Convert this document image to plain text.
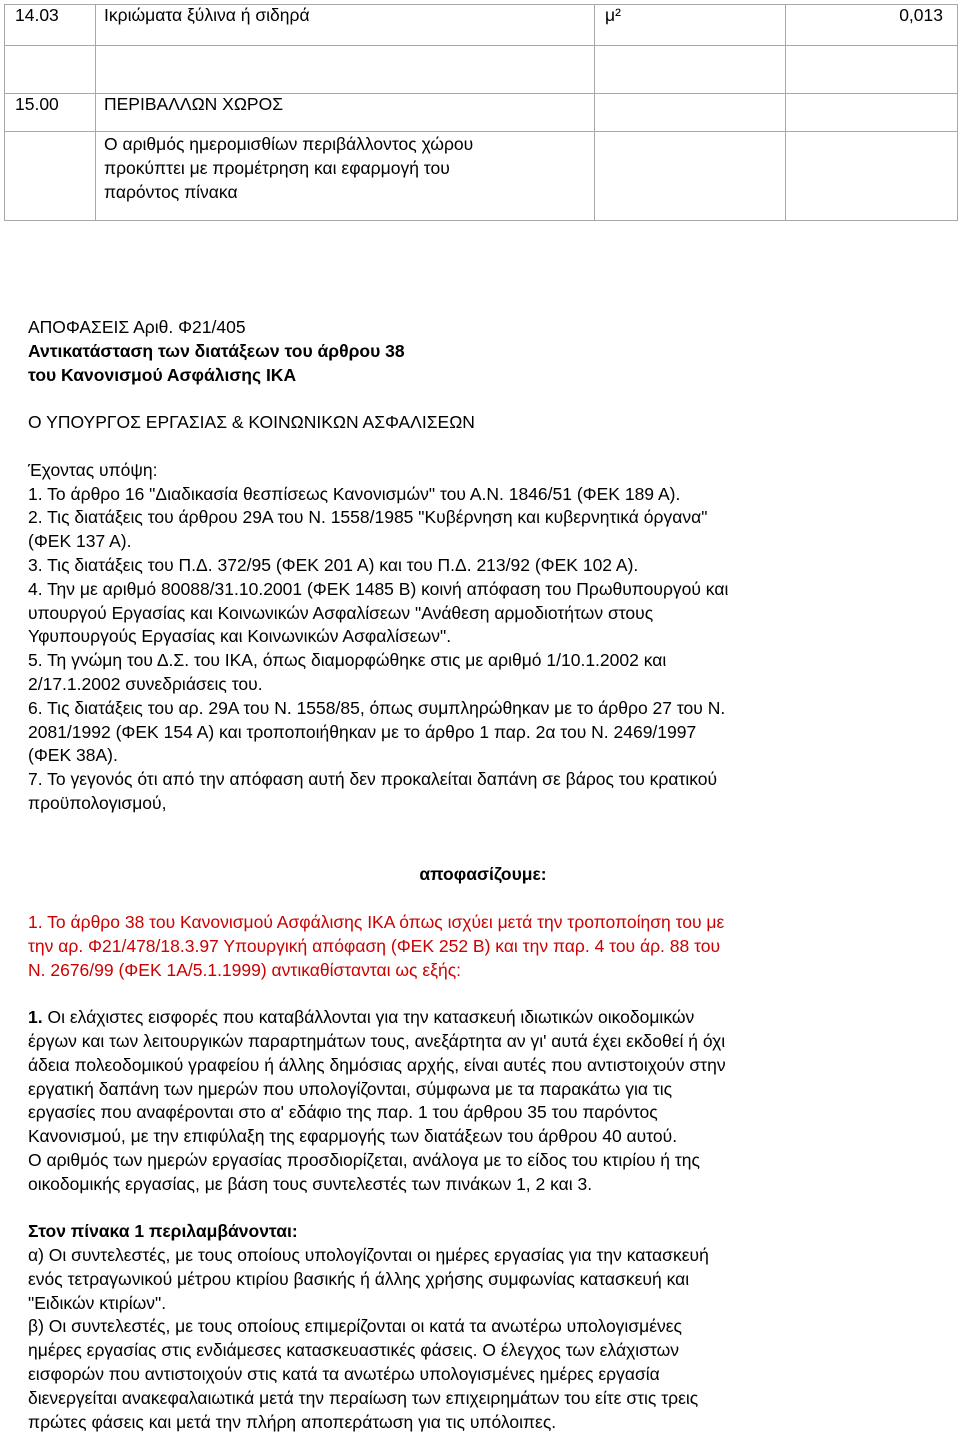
14.03	Ικριώματα ξύλινα ή σιδηρά	μ²	0,013

15.00	ΠΕΡΙΒΑΛΛΩΝ ΧΩΡΟΣ		

	Ο αριθμός ημερομισθίων περιβάλλοντος χώρου
προκύπτει με προμέτρηση και εφαρμογή του
παρόντος πίνακα		

ΑΠΟΦΑΣΕΙΣ Αριθ. Φ21/405

Αντικατάσταση των διατάξεων του άρθρου 38

του Κανονισμού Ασφάλισης ΙΚΑ

Ο ΥΠΟΥΡΓΟΣ ΕΡΓΑΣΙΑΣ & ΚΟΙΝΩΝΙΚΩΝ ΑΣΦΑΛΙΣΕΩΝ

Έχοντας υπόψη:

1. Το άρθρο 16 "Διαδικασία θεσπίσεως Κανονισμών" του Α.Ν. 1846/51 (ΦΕΚ 189 Α).

2. Τις διατάξεις του άρθρου 29Α του Ν. 1558/1985 "Κυβέρνηση και κυβερνητικά όργανα"

(ΦΕΚ 137 Α).

3. Τις διατάξεις του Π.Δ. 372/95 (ΦΕΚ 201 Α) και του Π.Δ. 213/92 (ΦΕΚ 102 Α).

4. Την με αριθμό 80088/31.10.2001 (ΦΕΚ 1485 Β) κοινή απόφαση του Πρωθυπουργού και

υπουργού Εργασίας και Κοινωνικών Ασφαλίσεων "Ανάθεση αρμοδιοτήτων στους

Υφυπουργούς Εργασίας και Κοινωνικών Ασφαλίσεων".

5. Τη γνώμη του Δ.Σ. του ΙΚΑ, όπως διαμορφώθηκε στις με αριθμό 1/10.1.2002 και

2/17.1.2002 συνεδριάσεις του.

6. Τις διατάξεις του αρ. 29Α του Ν. 1558/85, όπως συμπληρώθηκαν με το άρθρο 27 του Ν.

2081/1992 (ΦΕΚ 154 Α) και τροποποιήθηκαν με το άρθρο 1 παρ. 2α του Ν. 2469/1997

(ΦΕΚ 38Α).

7. Το γεγονός ότι από την απόφαση αυτή δεν προκαλείται δαπάνη σε βάρος του κρατικού

προϋπολογισμού,

αποφασίζουμε:

1. Το άρθρο 38 του Κανονισμού Ασφάλισης ΙΚΑ όπως ισχύει μετά την τροποποίηση του με

την αρ. Φ21/478/18.3.97 Υπουργική απόφαση (ΦΕΚ 252 Β) και την παρ. 4 του άρ. 88 του

Ν. 2676/99 (ΦΕΚ 1Α/5.1.1999) αντικαθίστανται ως εξής:

1. Οι ελάχιστες εισφορές που καταβάλλονται για την κατασκευή ιδιωτικών οικοδομικών

έργων και των λειτουργικών παραρτημάτων τους, ανεξάρτητα αν γι' αυτά έχει εκδοθεί ή όχι

άδεια πολεοδομικού γραφείου ή άλλης δημόσιας αρχής, είναι αυτές που αντιστοιχούν στην

εργατική δαπάνη των ημερών που υπολογίζονται, σύμφωνα με τα παρακάτω για τις

εργασίες που αναφέρονται στο α' εδάφιο της παρ. 1 του άρθρου 35 του παρόντος

Κανονισμού, με την επιφύλαξη της εφαρμογής των διατάξεων του άρθρου 40 αυτού.

Ο αριθμός των ημερών εργασίας προσδιορίζεται, ανάλογα με το είδος του κτιρίου ή της

οικοδομικής εργασίας, με βάση τους συντελεστές των πινάκων 1, 2 και 3.

Στον πίνακα 1 περιλαμβάνονται:

α) Οι συντελεστές, με τους οποίους υπολογίζονται οι ημέρες εργασίας για την κατασκευή

ενός τετραγωνικού μέτρου κτιρίου βασικής ή άλλης χρήσης συμφωνίας κατασκευή και

"Ειδικών κτιρίων".

β) Οι συντελεστές, με τους οποίους επιμερίζονται οι κατά τα ανωτέρω υπολογισμένες

ημέρες εργασίας στις ενδιάμεσες κατασκευαστικές φάσεις. Ο έλεγχος των ελάχιστων

εισφορών που αντιστοιχούν στις κατά τα ανωτέρω υπολογισμένες ημέρες εργασία

διενεργείται ανακεφαλαιωτικά μετά την περαίωση των επιχειρημάτων του είτε στις τρεις

πρώτες φάσεις και μετά την πλήρη αποπεράτωση για τις υπόλοιπες.
